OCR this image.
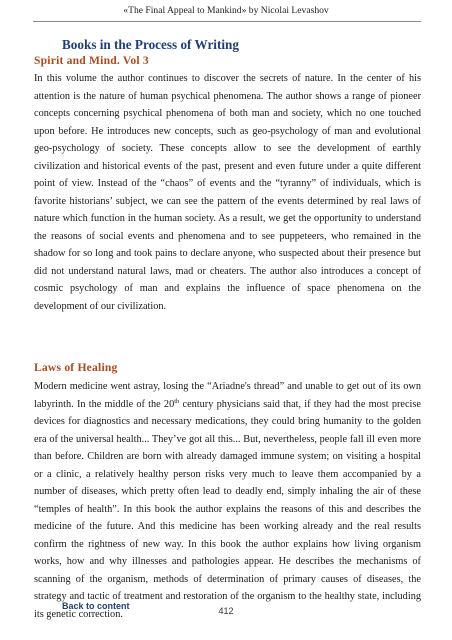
«The Final Appeal to Mankind» by Nicolai Levashov
Books in the Process of Writing
Spirit and Mind. Vol 3

In this volume the author continues to discover the secrets of nature. In the center of his attention is the nature of human psychical phenomena. The author shows a range of pioneer concepts concerning psychical phenomena of both man and society, which no one touched upon before. He introduces new concepts, such as geo-psychology of man and evolutional geo-psychology of society. These concepts allow to see the development of earthly civilization and historical events of the past, present and even future under a quite different point of view. Instead of the “chaos” of events and the “tyranny” of individuals, which is favorite historians’ subject, we can see the pattern of the events determined by real laws of nature which function in the human society. As a result, we get the opportunity to understand the reasons of social events and phenomena and to see puppeteers, who remained in the shadow for so long and took pains to declare anyone, who suspected about their presence but did not understand natural laws, mad or cheaters. The author also introduces a concept of cosmic psychology of man and explains the influence of space phenomena on the development of our civilization.

Laws of Healing

Modern medicine went astray, losing the “Ariadne's thread” and unable to get out of its own labyrinth. In the middle of the 20th century physicians said that, if they had the most precise devices for diagnostics and necessary medications, they could bring humanity to the golden era of the universal health... They’ve got all this... But, nevertheless, people fall ill even more than before. Children are born with already damaged immune system; on visiting a hospital or a clinic, a relatively healthy person risks very much to leave them accompanied by a number of diseases, which pretty often lead to deadly end, simply inhaling the air of these “temples of health”. In this book the author explains the reasons of this and describes the medicine of the future. And this medicine has been working already and the real results confirm the rightness of new way. In this book the author explains how living organism works, how and why illnesses and pathologies appear. He describes the mechanisms of scanning of the organism, methods of determination of primary causes of diseases, the strategy and tactic of treatment and restoration of the organism to the healthy state, including its genetic correction.

Back to content	412
